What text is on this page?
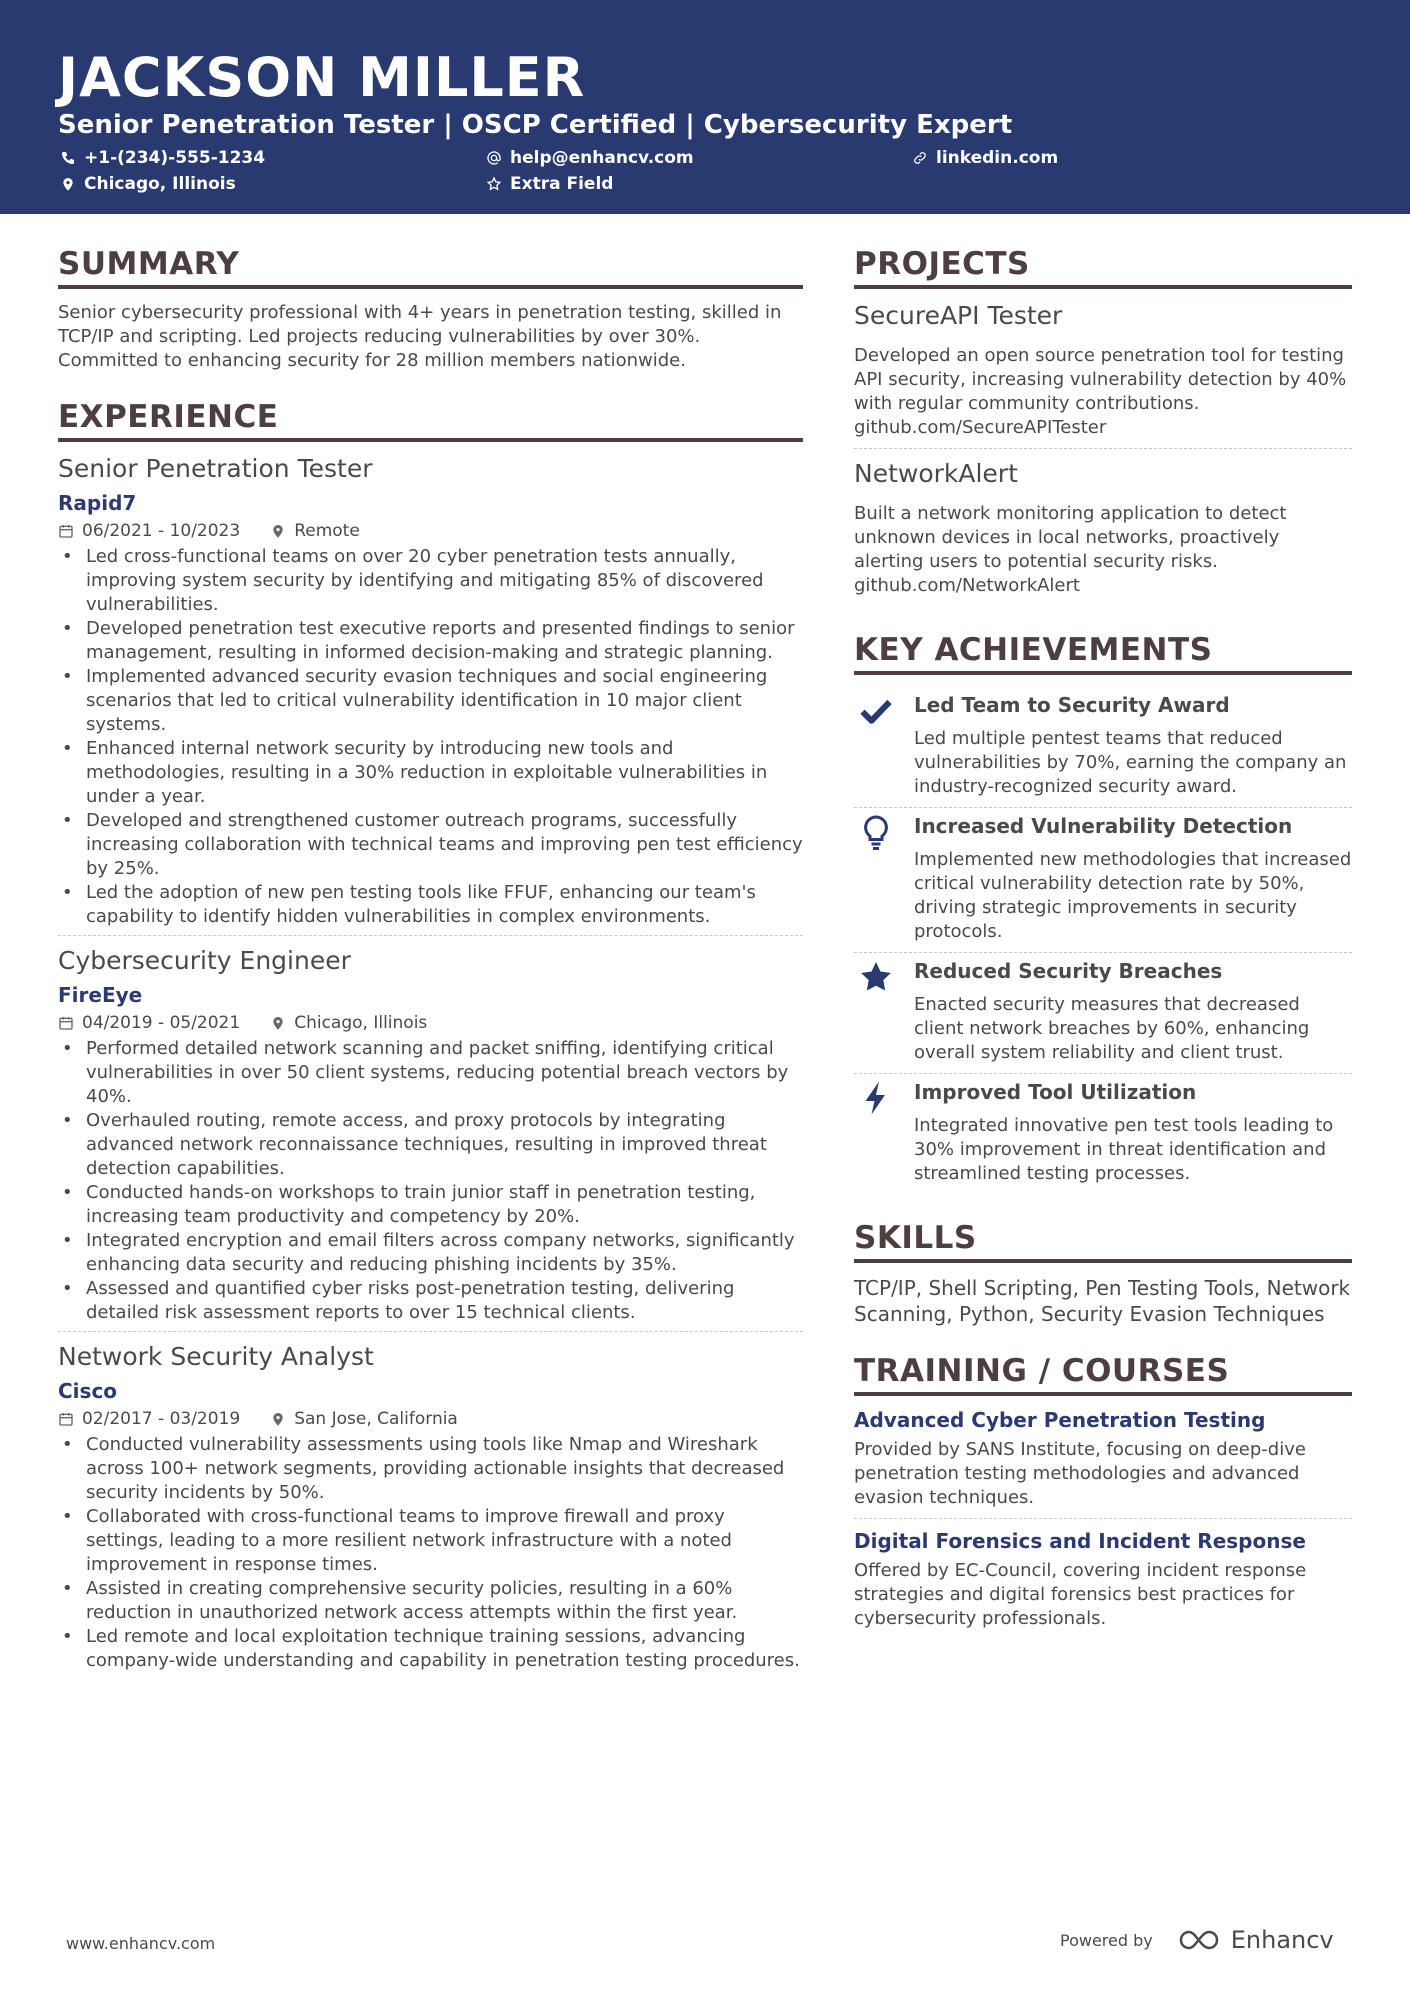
JACKSON MILLER
Senior Penetration Tester | OSCP Certified | Cybersecurity Expert
+1-(234)-555-1234	help@enhancv.com	linkedin.com
Chicago, Illinois	Extra Field
SUMMARY
Senior cybersecurity professional with 4+ years in penetration testing, skilled in TCP/IP and scripting. Led projects reducing vulnerabilities by over 30%. Committed to enhancing security for 28 million members nationwide.
EXPERIENCE
Senior Penetration Tester
Rapid7
06/2021 - 10/2023	Remote
• Led cross-functional teams on over 20 cyber penetration tests annually, improving system security by identifying and mitigating 85% of discovered vulnerabilities.
• Developed penetration test executive reports and presented findings to senior management, resulting in informed decision-making and strategic planning.
• Implemented advanced security evasion techniques and social engineering scenarios that led to critical vulnerability identification in 10 major client systems.
• Enhanced internal network security by introducing new tools and methodologies, resulting in a 30% reduction in exploitable vulnerabilities in under a year.
• Developed and strengthened customer outreach programs, successfully increasing collaboration with technical teams and improving pen test efficiency by 25%.
• Led the adoption of new pen testing tools like FFUF, enhancing our team's capability to identify hidden vulnerabilities in complex environments.
Cybersecurity Engineer
FireEye
04/2019 - 05/2021	Chicago, Illinois
• Performed detailed network scanning and packet sniffing, identifying critical vulnerabilities in over 50 client systems, reducing potential breach vectors by 40%.
• Overhauled routing, remote access, and proxy protocols by integrating advanced network reconnaissance techniques, resulting in improved threat detection capabilities.
• Conducted hands-on workshops to train junior staff in penetration testing, increasing team productivity and competency by 20%.
• Integrated encryption and email filters across company networks, significantly enhancing data security and reducing phishing incidents by 35%.
• Assessed and quantified cyber risks post-penetration testing, delivering detailed risk assessment reports to over 15 technical clients.
Network Security Analyst
Cisco
02/2017 - 03/2019	San Jose, California
• Conducted vulnerability assessments using tools like Nmap and Wireshark across 100+ network segments, providing actionable insights that decreased security incidents by 50%.
• Collaborated with cross-functional teams to improve firewall and proxy settings, leading to a more resilient network infrastructure with a noted improvement in response times.
• Assisted in creating comprehensive security policies, resulting in a 60% reduction in unauthorized network access attempts within the first year.
• Led remote and local exploitation technique training sessions, advancing company-wide understanding and capability in penetration testing procedures.
PROJECTS
SecureAPI Tester
Developed an open source penetration tool for testing API security, increasing vulnerability detection by 40% with regular community contributions. github.com/SecureAPITester
NetworkAlert
Built a network monitoring application to detect unknown devices in local networks, proactively alerting users to potential security risks. github.com/NetworkAlert
KEY ACHIEVEMENTS
Led Team to Security Award
Led multiple pentest teams that reduced vulnerabilities by 70%, earning the company an industry-recognized security award.
Increased Vulnerability Detection
Implemented new methodologies that increased critical vulnerability detection rate by 50%, driving strategic improvements in security protocols.
Reduced Security Breaches
Enacted security measures that decreased client network breaches by 60%, enhancing overall system reliability and client trust.
Improved Tool Utilization
Integrated innovative pen test tools leading to 30% improvement in threat identification and streamlined testing processes.
SKILLS
TCP/IP, Shell Scripting, Pen Testing Tools, Network Scanning, Python, Security Evasion Techniques
TRAINING / COURSES
Advanced Cyber Penetration Testing
Provided by SANS Institute, focusing on deep-dive penetration testing methodologies and advanced evasion techniques.
Digital Forensics and Incident Response
Offered by EC-Council, covering incident response strategies and digital forensics best practices for cybersecurity professionals.
www.enhancv.com	Powered by	Enhancv
